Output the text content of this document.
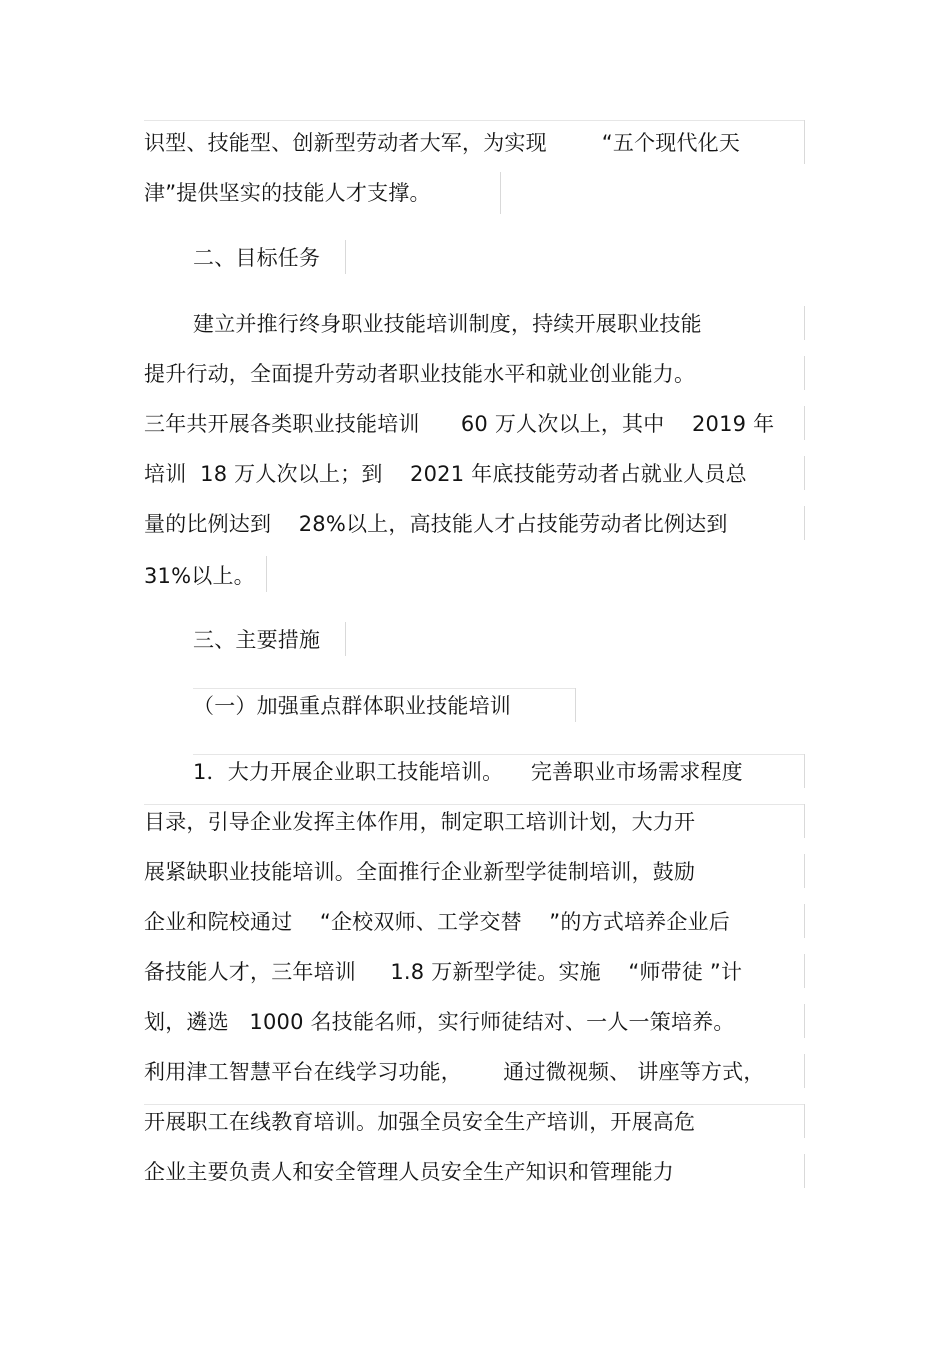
识型、技能型、创新型劳动者大军，为实现        “五个现代化天
津”提供坚实的技能人才支撑。
二、目标任务
建立并推行终身职业技能培训制度，持续开展职业技能
提升行动，全面提升劳动者职业技能水平和就业创业能力。
三年共开展各类职业技能培训      60 万人次以上，其中    2019 年
培训  18 万人次以上；到    2021 年底技能劳动者占就业人员总
量的比例达到    28%以上，高技能人才占技能劳动者比例达到
31%以上。
三、主要措施
（一）加强重点群体职业技能培训
1．大力开展企业职工技能培训。    完善职业市场需求程度
目录，引导企业发挥主体作用，制定职工培训计划，大力开
展紧缺职业技能培训。全面推行企业新型学徒制培训，鼓励
企业和院校通过    “企校双师、工学交替    ”的方式培养企业后
备技能人才，三年培训     1.8 万新型学徒。实施    “师带徒 ”计
划，遴选   1000 名技能名师，实行师徒结对、一人一策培养。
利用津工智慧平台在线学习功能，      通过微视频、 讲座等方式，
开展职工在线教育培训。加强全员安全生产培训，开展高危
企业主要负责人和安全管理人员安全生产知识和管理能力
